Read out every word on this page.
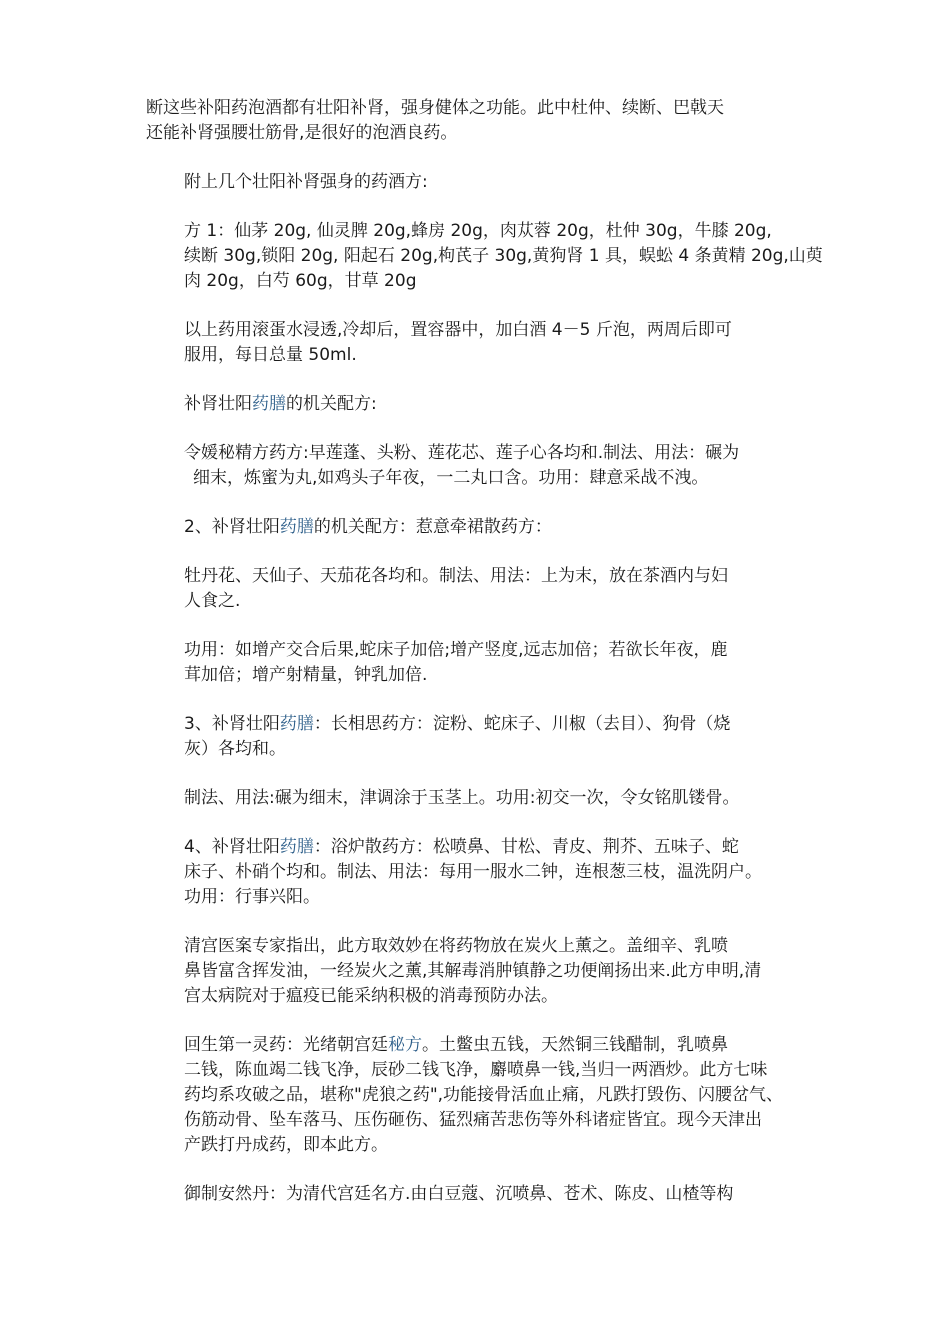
断这些补阳药泡酒都有壮阳补肾，强身健体之功能。此中杜仲、续断、巴戟天
还能补肾强腰壮筋骨,是很好的泡酒良药。
附上几个壮阳补肾强身的药酒方:
方 1：仙茅 20g, 仙灵脾 20g,蜂房 20g，肉苁蓉 20g，杜仲 30g，牛膝 20g,
续断 30g,锁阳 20g, 阳起石 20g,枸芪子 30g,黄狗肾 1 具，蜈蚣 4 条黄精 20g,山萸
肉 20g，白芍 60g，甘草 20g
以上药用滚蛋水浸透,冷却后，置容器中，加白酒 4－5 斤泡，两周后即可
服用，每日总量 50ml.
补肾壮阳药膳的机关配方:
令媛秘精方药方:早莲蓬、头粉、莲花芯、莲子心各均和.制法、用法：碾为
细末，炼蜜为丸,如鸡头子年夜，一二丸口含。功用：肆意采战不洩。
2、补肾壮阳药膳的机关配方：惹意牵裙散药方：
牡丹花、天仙子、天茄花各均和。制法、用法：上为末，放在茶酒内与妇
人食之.
功用：如增产交合后果,蛇床子加倍;增产竖度,远志加倍；若欲长年夜，鹿
茸加倍；增产射精量，钟乳加倍.
3、补肾壮阳药膳：长相思药方：淀粉、蛇床子、川椒（去目）、狗骨（烧
灰）各均和。
制法、用法:碾为细末，津调涂于玉茎上。功用:初交一次，令女铭肌镂骨。
4、补肾壮阳药膳：浴炉散药方：松喷鼻、甘松、青皮、荆芥、五味子、蛇
床子、朴硝个均和。制法、用法：每用一服水二钟，连根葱三枝，温洗阴户。
功用：行事兴阳。
清宫医案专家指出，此方取效妙在将药物放在炭火上薰之。盖细辛、乳喷
鼻皆富含挥发油，一经炭火之薰,其解毒消肿镇静之功便阐扬出来.此方申明,清
宫太病院对于瘟疫已能采纳积极的消毒预防办法。
回生第一灵药：光绪朝宫廷秘方。土鳖虫五钱，天然铜三钱醋制，乳喷鼻
二钱，陈血竭二钱飞净，辰砂二钱飞净，麝喷鼻一钱,当归一两酒炒。此方七味
药均系攻破之品，堪称"虎狼之药",功能接骨活血止痛，凡跌打毁伤、闪腰岔气、
伤筋动骨、坠车落马、压伤砸伤、猛烈痛苦悲伤等外科诸症皆宜。现今天津出
产跌打丹成药，即本此方。
御制安然丹：为清代宫廷名方.由白豆蔻、沉喷鼻、苍术、陈皮、山楂等构
